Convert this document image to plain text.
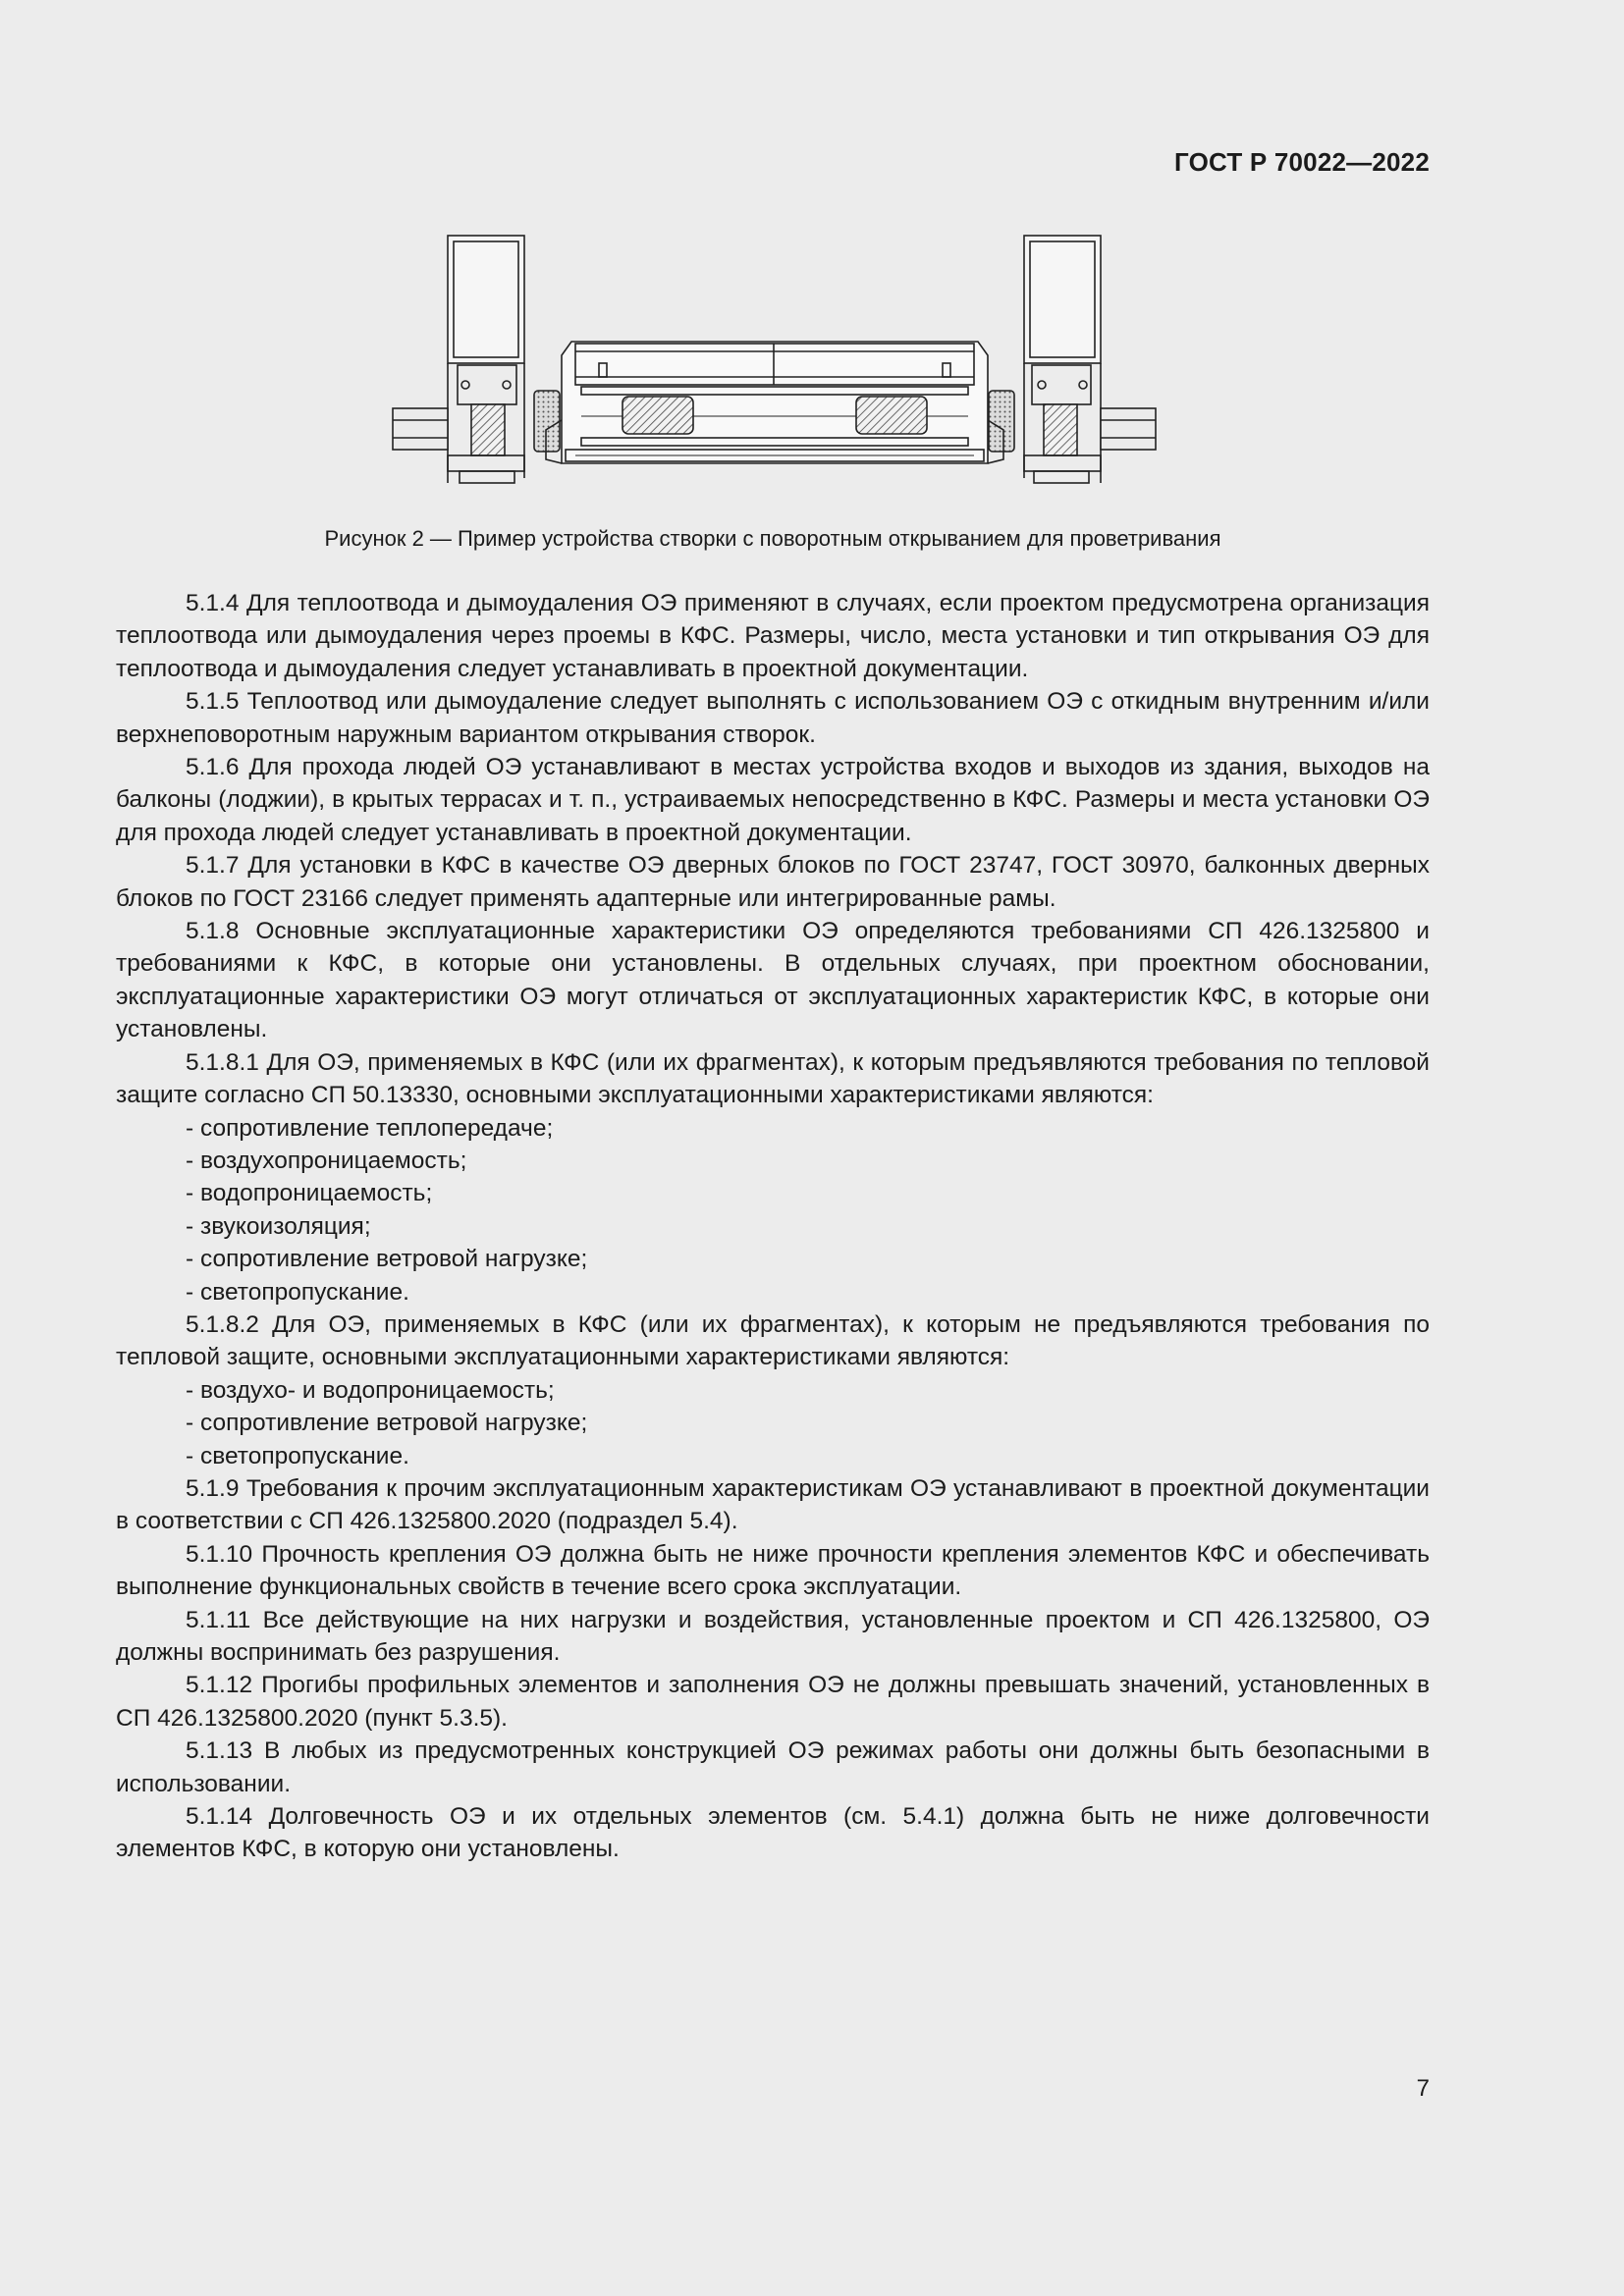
ГОСТ Р 70022—2022
Рисунок 2 — Пример устройства створки с поворотным открыванием для проветривания

5.1.4 Для теплоотвода и дымоудаления ОЭ применяют в случаях, если проектом предусмотрена организация теплоотвода или дымоудаления через проемы в КФС. Размеры, число, места установки и тип открывания ОЭ для теплоотвода и дымоудаления следует устанавливать в проектной документации.

5.1.5 Теплоотвод или дымоудаление следует выполнять с использованием ОЭ с откидным внутренним и/или верхнеповоротным наружным вариантом открывания створок.

5.1.6 Для прохода людей ОЭ устанавливают в местах устройства входов и выходов из здания, выходов на балконы (лоджии), в крытых террасах и т. п., устраиваемых непосредственно в КФС. Размеры и места установки ОЭ для прохода людей следует устанавливать в проектной документации.

5.1.7 Для установки в КФС в качестве ОЭ дверных блоков по ГОСТ 23747, ГОСТ 30970, балконных дверных блоков по ГОСТ 23166 следует применять адаптерные или интегрированные рамы.

5.1.8 Основные эксплуатационные характеристики ОЭ определяются требованиями СП 426.1325800 и требованиями к КФС, в которые они установлены. В отдельных случаях, при проектном обосновании, эксплуатационные характеристики ОЭ могут отличаться от эксплуатационных характеристик КФС, в которые они установлены.

5.1.8.1 Для ОЭ, применяемых в КФС (или их фрагментах), к которым предъявляются требования по тепловой защите согласно СП 50.13330, основными эксплуатационными характеристиками являются:

- сопротивление теплопередаче;

- воздухопроницаемость;

- водопроницаемость;

- звукоизоляция;

- сопротивление ветровой нагрузке;

- светопропускание.

5.1.8.2 Для ОЭ, применяемых в КФС (или их фрагментах), к которым не предъявляются требования по тепловой защите, основными эксплуатационными характеристиками являются:

- воздухо- и водопроницаемость;

- сопротивление ветровой нагрузке;

- светопропускание.

5.1.9 Требования к прочим эксплуатационным характеристикам ОЭ устанавливают в проектной документации в соответствии с СП 426.1325800.2020 (подраздел 5.4).

5.1.10 Прочность крепления ОЭ должна быть не ниже прочности крепления элементов КФС и обеспечивать выполнение функциональных свойств в течение всего срока эксплуатации.

5.1.11 Все действующие на них нагрузки и воздействия, установленные проектом и СП 426.1325800, ОЭ должны воспринимать без разрушения.

5.1.12 Прогибы профильных элементов и заполнения ОЭ не должны превышать значений, установленных в СП 426.1325800.2020 (пункт 5.3.5).

5.1.13 В любых из предусмотренных конструкцией ОЭ режимах работы они должны быть безопасными в использовании.

5.1.14 Долговечность ОЭ и их отдельных элементов (см. 5.4.1) должна быть не ниже долговечности элементов КФС, в которую они установлены.

7
